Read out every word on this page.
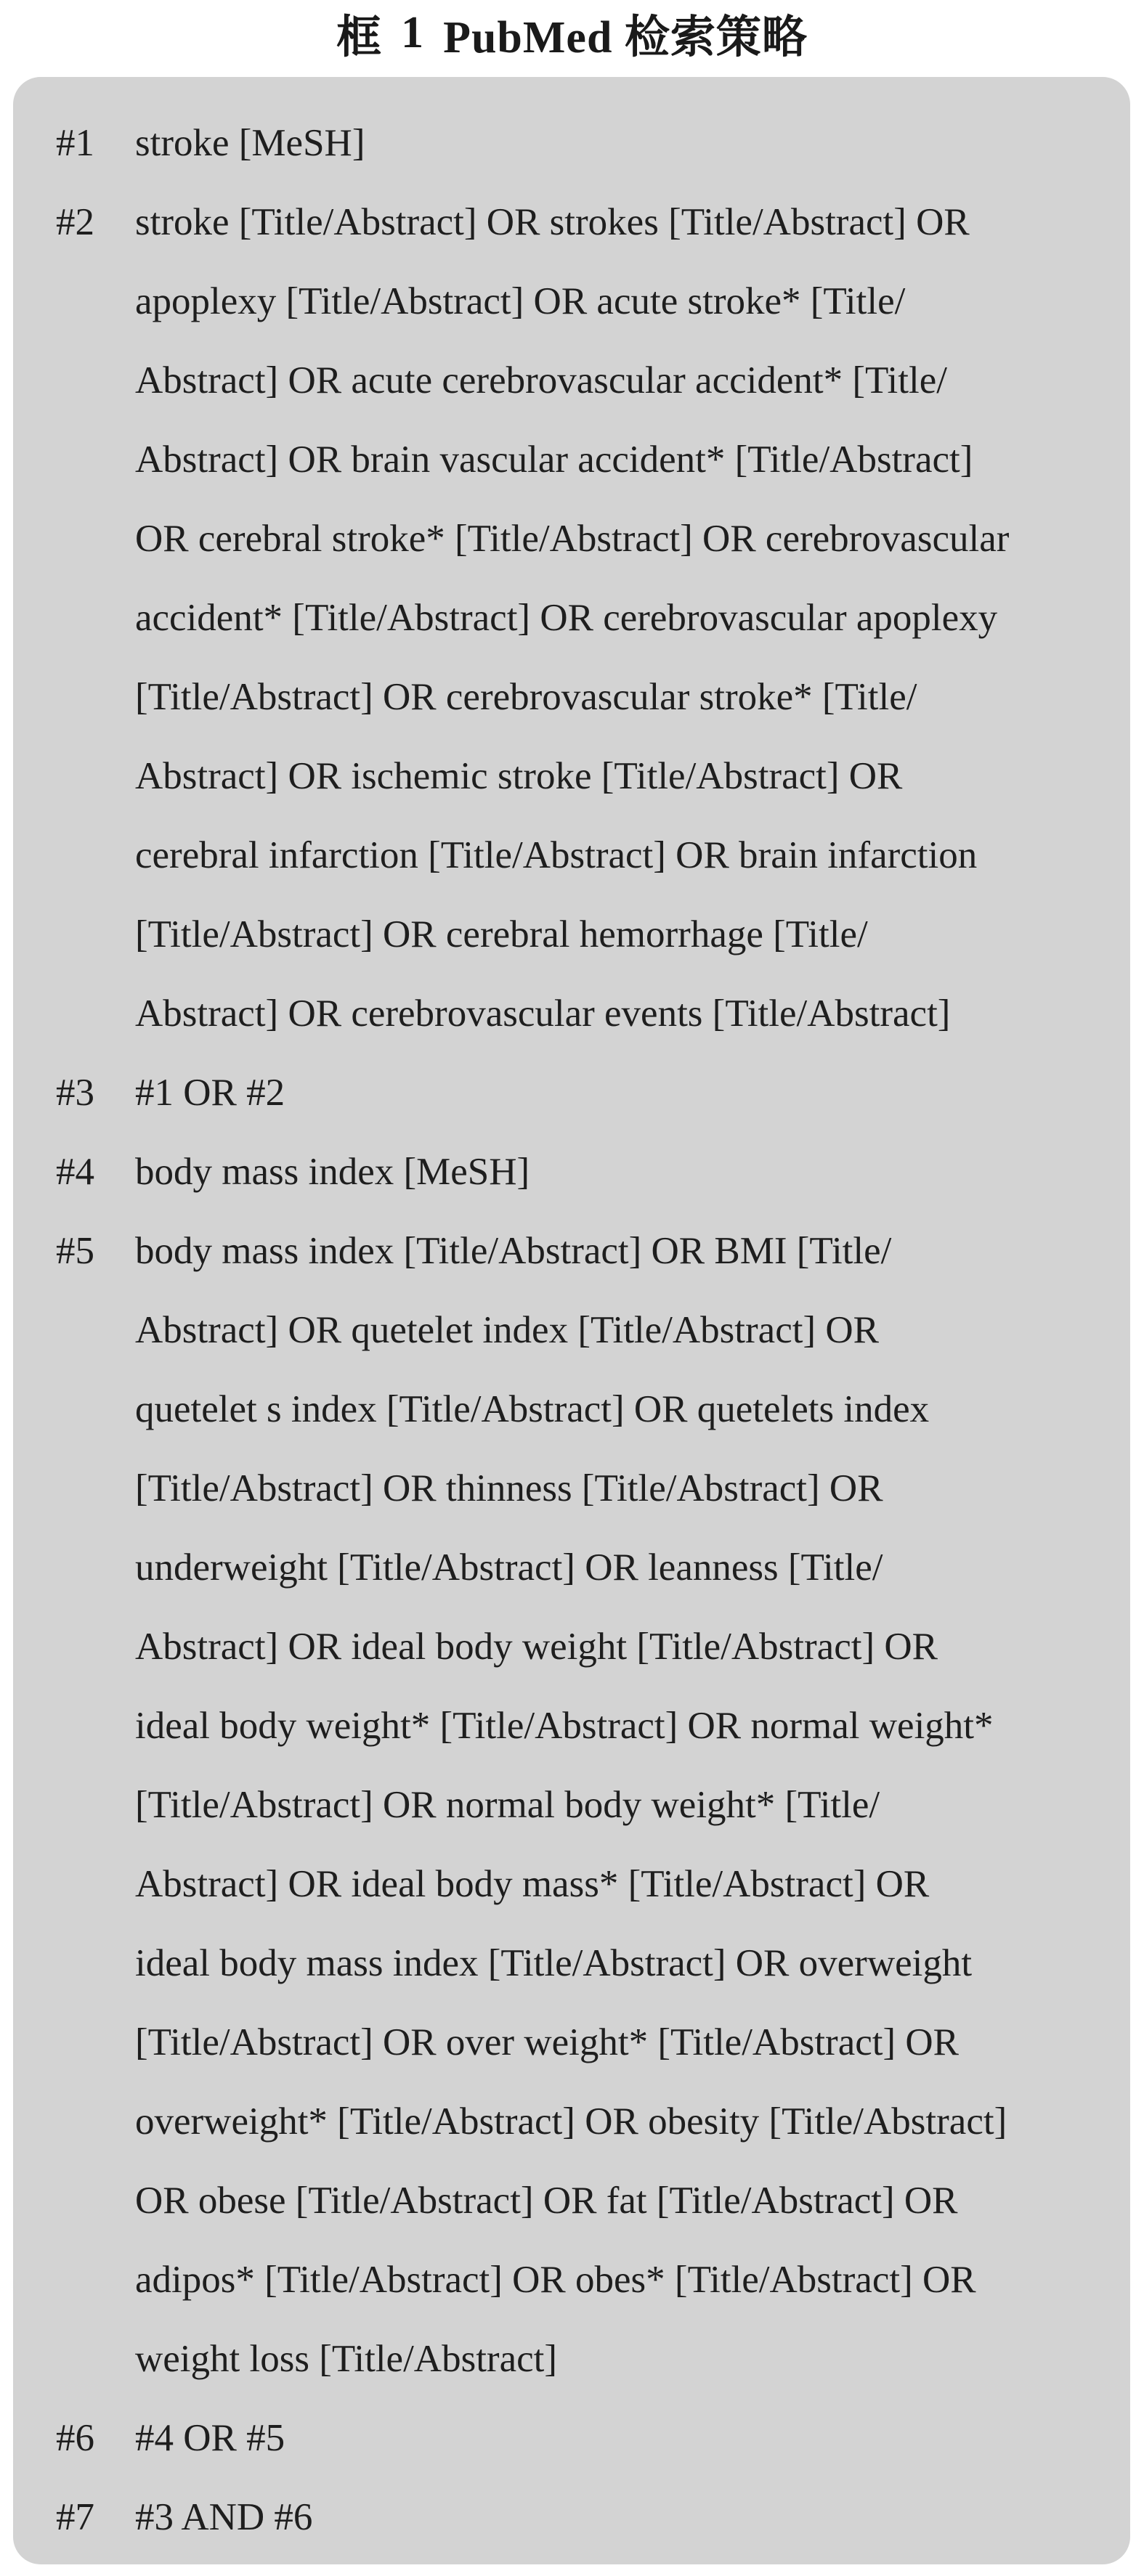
框 1 PubMed 检索策略
#1	stroke [MeSH]
#2	stroke [Title/Abstract] OR strokes [Title/Abstract] OR
apoplexy [Title/Abstract] OR acute stroke* [Title/
Abstract] OR acute cerebrovascular accident* [Title/
Abstract] OR brain vascular accident* [Title/Abstract]
OR cerebral stroke* [Title/Abstract] OR cerebrovascular
accident* [Title/Abstract] OR cerebrovascular apoplexy
[Title/Abstract] OR cerebrovascular stroke* [Title/
Abstract] OR ischemic stroke [Title/Abstract] OR
cerebral infarction [Title/Abstract] OR brain infarction
[Title/Abstract] OR cerebral hemorrhage [Title/
Abstract] OR cerebrovascular events [Title/Abstract]
#3	#1 OR #2
#4	body mass index [MeSH]
#5	body mass index [Title/Abstract] OR BMI [Title/
Abstract] OR quetelet index [Title/Abstract] OR
quetelet s index [Title/Abstract] OR quetelets index
[Title/Abstract] OR thinness [Title/Abstract] OR
underweight [Title/Abstract] OR leanness [Title/
Abstract] OR ideal body weight [Title/Abstract] OR
ideal body weight* [Title/Abstract] OR normal weight*
[Title/Abstract] OR normal body weight* [Title/
Abstract] OR ideal body mass* [Title/Abstract] OR
ideal body mass index [Title/Abstract] OR overweight
[Title/Abstract] OR over weight* [Title/Abstract] OR
overweight* [Title/Abstract] OR obesity [Title/Abstract]
OR obese [Title/Abstract] OR fat [Title/Abstract] OR
adipos* [Title/Abstract] OR obes* [Title/Abstract] OR
weight loss [Title/Abstract]
#6	#4 OR #5
#7	#3 AND #6
